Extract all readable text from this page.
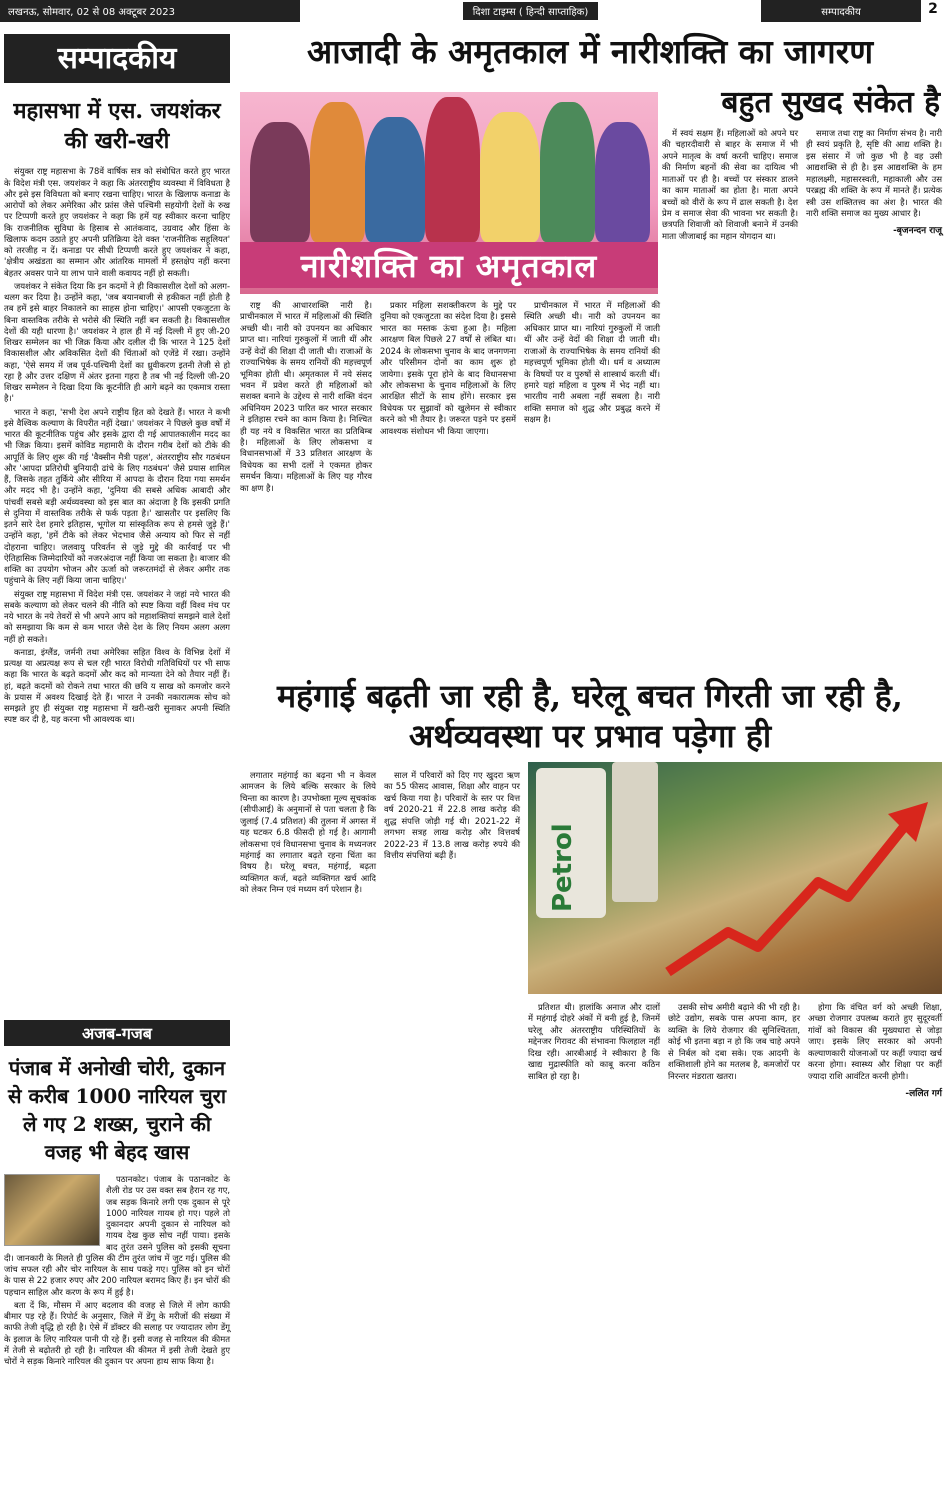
लखनऊ, सोमवार, 02 से 08 अक्टूबर 2023	दिशा टाइम्स ( हिन्दी साप्ताहिक)	सम्पादकीय	2
सम्पादकीय
महासभा में एस. जयशंकर की खरी-खरी

संयुक्त राष्ट्र महासभा के 78वें वार्षिक सत्र को संबोधित करते हुए भारत के विदेश मंत्री एस. जयशंकर ने कहा कि अंतरराष्ट्रीय व्यवस्था में विविधता है और इसे इस विविधता को बनाए रखना चाहिए। भारत के खिलाफ कनाडा के आरोपों को लेकर अमेरिका और फ्रांस जैसे पश्चिमी सहयोगी देशों के रुख पर टिप्पणी करते हुए जयशंकर ने कहा कि हमें यह स्वीकार करना चाहिए कि राजनीतिक सुविधा के हिसाब से आतंकवाद, उग्रवाद और हिंसा के खिलाफ कदम उठाते हुए अपनी प्रतिक्रिया देते वक्त 'राजनीतिक सहूलियत' को तरजीह न दें। कनाडा पर सीधी टिप्पणी करते हुए जयशंकर ने कहा, 'क्षेत्रीय अखंडता का सम्मान और आंतरिक मामलों में हस्तक्षेप नहीं करना बेहतर अवसर पाने या लाभ पाने वाली कवायद नहीं हो सकती।

जयशंकर ने संकेत दिया कि इन कदमों ने ही विकासशील देशों को अलग-थलग कर दिया है। उन्होंने कहा, 'जब बयानबाजी से हकीकत नहीं होती है तब हमें इसे बाहर निकालने का साहस होना चाहिए।' आपसी एकजुटता के बिना वास्तविक तरीके से भरोसे की स्थिति नहीं बन सकती है। विकासशील देशों की यही धारणा है।' जयशंकर ने हाल ही में नई दिल्ली में हुए जी-20 शिखर सम्मेलन का भी जिक्र किया और दलील दी कि भारत ने 125 देशों विकासशील और अविकसित देशों की चिंताओं को एजेंडे में रखा। उन्होंने कहा, 'ऐसे समय में जब पूर्व-पश्चिमी देशों का ध्रुवीकरण इतनी तेजी से हो रहा है और उत्तर दक्षिण में अंतर इतना गहरा है तब भी नई दिल्ली जी-20 शिखर सम्मेलन ने दिखा दिया कि कूटनीति ही आगे बढ़ने का एकमात्र रास्ता है।'

भारत ने कहा, 'सभी देश अपने राष्ट्रीय हित को देखते हैं। भारत ने कभी इसे वैश्विक कल्याण के विपरीत नहीं देखा।' जयशंकर ने पिछले कुछ वर्षों में भारत की कूटनीतिक पहुंच और इसके द्वारा दी गई आपातकालीन मदद का भी जिक्र किया। इसमें कोविड महामारी के दौरान गरीब देशों को टीके की आपूर्ति के लिए शुरू की गई 'वैक्सीन मैत्री पहल', अंतरराष्ट्रीय सौर गठबंधन और 'आपदा प्रतिरोधी बुनियादी ढांचे के लिए गठबंधन' जैसे प्रयास शामिल हैं, जिसके तहत तुर्किये और सीरिया में आपदा के दौरान दिया गया समर्थन और मदद भी है। उन्होंने कहा, 'दुनिया की सबसे अधिक आबादी और पांचवीं सबसे बड़ी अर्थव्यवस्था को इस बात का अंदाजा है कि इसकी प्रगति से दुनिया में वास्तविक तरीके से फर्क पड़ता है।' खासतौर पर इसलिए कि इतने सारे देश हमारे इतिहास, भूगोल या सांस्कृतिक रूप से हमसे जुड़े हैं।' उन्होंने कहा, 'हमें टीके को लेकर भेदभाव जैसे अन्याय को फिर से नहीं दोहराना चाहिए। जलवायु परिवर्तन से जुड़े मुद्दे की कार्रवाई पर भी ऐतिहासिक जिम्मेदारियों को नजरअंदाज नहीं किया जा सकता है। बाजार की शक्ति का उपयोग भोजन और ऊर्जा को जरूरतमंदों से लेकर अमीर तक पहुंचाने के लिए नहीं किया जाना चाहिए।'

संयुक्त राष्ट्र महासभा में विदेश मंत्री एस. जयशंकर ने जहां नये भारत की सबके कल्याण को लेकर चलने की नीति को स्पष्ट किया वहीं विश्व मंच पर नये भारत के नये तेवरों से भी अपने आप को महाशक्तियां समझने वाले देशों को समझाया कि कम से कम भारत जैसे देश के लिए नियम अलग अलग नहीं हो सकते।

कनाडा, इंग्लैंड, जर्मनी तथा अमेरिका सहित विश्व के विभिन्न देशों में प्रत्यक्ष या अप्रत्यक्ष रूप से चल रही भारत विरोधी गतिविधियों पर भी साफ कहा कि भारत के बढ़ते कदमों और कद को मान्यता देने को तैयार नहीं हैं। हां, बढ़ते कदमों को रोकने तथा भारत की छवि य साख को कमजोर करने के प्रयास में अवश्य दिखाई देते हैं। भारत ने उनकी नकारात्मक सोच को समझते हुए ही संयुक्त राष्ट्र महासभा में खरी-खरी सुनाकर अपनी स्थिति स्पष्ट कर दी है, यह करना भी आवश्यक था।

अजब-गजब
पंजाब में अनोखी चोरी, दुकान से करीब 1000 नारियल चुरा ले गए 2 शख्स, चुराने की वजह भी बेहद खास

पठानकोट। पंजाब के पठानकोट के शैली रोड पर उस वक्त सब हैरान रह गए, जब सड़क किनारे लगी एक दुकान से पूरे 1000 नारियल गायब हो गए। पहले तो दुकानदार अपनी दुकान से नारियल को गायब देख कुछ सोच नहीं पाया। इसके बाद तुरंत उसने पुलिस को इसकी सूचना दी। जानकारी के मिलते ही पुलिस की टीम तुरंत जांच में जुट गई। पुलिस की जांच सफल रही और चोर नारियल के साथ पकड़े गए। पुलिस को इन चोरों के पास से 22 हजार रुपए और 200 नारियल बरामद किए हैं। इन चोरों की पहचान साहिल और करण के रूप में हुई है।

बता दें कि, मौसम में आए बदलाव की वजह से जिले में लोग काफी बीमार पड़ रहे हैं। रिपोर्ट के अनुसार, जिले में डेंगू के मरीजों की संख्या में काफी तेजी वृद्धि हो रही है। ऐसे में डॉक्टर की सलाह पर ज्यादातर लोग डेंगू के इलाज के लिए नारियल पानी पी रहे हैं। इसी वजह से नारियल की कीमत में तेजी से बढ़ोतरी हो रही है। नारियल की कीमत में इसी तेजी देखते हुए चोरों ने सड़क किनारे नारियल की दुकान पर अपना हाथ साफ किया है।

आजादी के अमृतकाल में नारीशक्ति का जागरण
बहुत सुखद संकेत है
नारीशक्ति का अमृतकाल

में स्वयं सक्षम हैं। महिलाओं को अपने घर की चहारदीवारी से बाहर के समाज में भी अपने मातृत्व के वर्षा करनी चाहिए। समाज की निर्माण बहनों की सेवा का दायित्व भी माताओं पर ही है। बच्चों पर संस्कार डालने का काम माताओं का होता है। माता अपने बच्चों को वीरों के रूप में ढाल सकती है। देश प्रेम व समाज सेवा की भावना भर सकती है। छत्रपति शिवाजी को शिवाजी बनाने में उनकी माता जीजाबाई का महान योगदान था।

समाज तथा राष्ट्र का निर्माण संभव है। नारी ही स्वयं प्रकृति है, सृष्टि की आद्य शक्ति है। इस संसार में जो कुछ भी है वह उसी आद्यशक्ति से ही है। इस आद्यशक्ति के हम महालक्ष्मी, महासरस्वती, महाकाली और उस परब्रह्म की शक्ति के रूप में मानते हैं। प्रत्येक स्त्री उस शक्तितत्त्व का अंश है। भारत की नारी शक्ति समाज का मुख्य आधार है।

-बृजनन्दन राजू

राष्ट्र की आधारशक्ति नारी है। प्राचीनकाल में भारत में महिलाओं की स्थिति अच्छी थी। नारी को उपनयन का अधिकार प्राप्त था। नारियां गुरुकुलों में जाती थीं और उन्हें वेदों की शिक्षा दी जाती थी। राजाओं के राज्याभिषेक के समय रानियों की महत्त्वपूर्ण भूमिका होती थी। अमृतकाल में नये संसद भवन में प्रवेश करते ही महिलाओं को सशक्त बनाने के उद्देश्य से नारी शक्ति वंदन अधिनियम 2023 पारित कर भारत सरकार ने इतिहास रचने का काम किया है। निश्चित ही यह नये व विकसित भारत का प्रतिबिम्ब है। महिलाओं के लिए लोकसभा व विधानसभाओं में 33 प्रतिशत आरक्षण के विधेयक का सभी दलों ने एकमत होकर समर्थन किया। महिलाओं के लिए यह गौरव का क्षण है।

प्रकार महिला सशक्तीकरण के मुद्दे पर दुनिया को एकजुटता का संदेश दिया है। इससे भारत का मस्तक ऊंचा हुआ है। महिला आरक्षण बिल पिछले 27 वर्षों से लंबित था। 2024 के लोकसभा चुनाव के बाद जनगणना और परिसीमन दोनों का काम शुरू हो जायेगा। इसके पूरा होने के बाद विधानसभा और लोकसभा के चुनाव महिलाओं के लिए आरक्षित सीटों के साथ होंगे। सरकार इस विधेयक पर सुझावों को खुलेमन से स्वीकार करने को भी तैयार है। जरूरत पड़ने पर इसमें आवश्यक संशोधन भी किया जाएगा।

प्राचीनकाल में भारत में महिलाओं की स्थिति अच्छी थी। नारी को उपनयन का अधिकार प्राप्त था। नारियां गुरुकुलों में जाती थीं और उन्हें वेदों की शिक्षा दी जाती थी। राजाओं के राज्याभिषेक के समय रानियों की महत्त्वपूर्ण भूमिका होती थी। धर्म व अध्यात्म के विषयों पर व पुरुषों से शास्त्रार्थ करती थीं। हमारे यहां महिला व पुरुष में भेद नहीं था। भारतीय नारी अबला नहीं सबला है। नारी शक्ति समाज को शुद्ध और प्रबुद्ध करने में सक्षम है।

महंगाई बढ़ती जा रही है, घरेलू बचत गिरती जा रही है, अर्थव्यवस्था पर प्रभाव पड़ेगा ही

लगातार महंगाई का बढ़ना भी न केवल आमजन के लिये बल्कि सरकार के लिये चिन्ता का कारण है। उपभोक्ता मूल्य सूचकांक (सीपीआई) के अनुमानों से पता चलता है कि जुलाई (7.4 प्रतिशत) की तुलना में अगस्त में यह घटकर 6.8 फीसदी हो गई है। आगामी लोकसभा एवं विधानसभा चुनाव के मध्यनजर महंगाई का लगातार बढ़ते रहना चिंता का विषय है। घरेलू बचत, महंगाई, बढ़ता व्यक्तिगत कर्ज, बढ़ते व्यक्तिगत खर्च आदि को लेकर निम्न एवं मध्यम वर्ग परेशान है।

साल में परिवारों को दिए गए खुदरा ऋण का 55 फीसद आवास, शिक्षा और वाहन पर खर्च किया गया है। परिवारों के स्तर पर वित्त वर्ष 2020-21 में 22.8 लाख करोड़ की शुद्ध संपत्ति जोड़ी गई थी। 2021-22 में लगभग सत्रह लाख करोड़ और वित्तवर्ष 2022-23 में 13.8 लाख करोड़ रुपये की वित्तीय संपत्तियां बढ़ी हैं।	Petrol

प्रतिशत थी। हालांकि अनाज और दालों में महंगाई दोहरे अंकों में बनी हुई है, जिनमें घरेलू और अंतरराष्ट्रीय परिस्थितियों के मद्देनजर गिरावट की संभावना फिलहाल नहीं दिख रही। आरबीआई ने स्वीकारा है कि खाद्य मुद्रास्फीति को काबू करना कठिन साबित हो रहा है।

उसकी सोच अमीरी बढ़ाने की भी रही है। छोटे उद्योग, सबके पास अपना काम, हर व्यक्ति के लिये रोजगार की सुनिश्चितता, कोई भी इतना बड़ा न हो कि जब चाहे अपने से निर्बल को दबा सके। एक आदमी के शक्तिशाली होने का मतलब है, कमजोरों पर निरन्तर मंडराता खतरा।

होगा कि वंचित वर्ग को अच्छी शिक्षा, अच्छा रोजगार उपलब्ध कराते हुए सुदूरवर्ती गांवों को विकास की मुख्यधारा से जोड़ा जाए। इसके लिए सरकार को अपनी कल्याणकारी योजनाओं पर कहीं ज्यादा खर्च करना होगा। स्वास्थ्य और शिक्षा पर कहीं ज्यादा राशि आवंटित करनी होगी।

-ललित गर्ग
